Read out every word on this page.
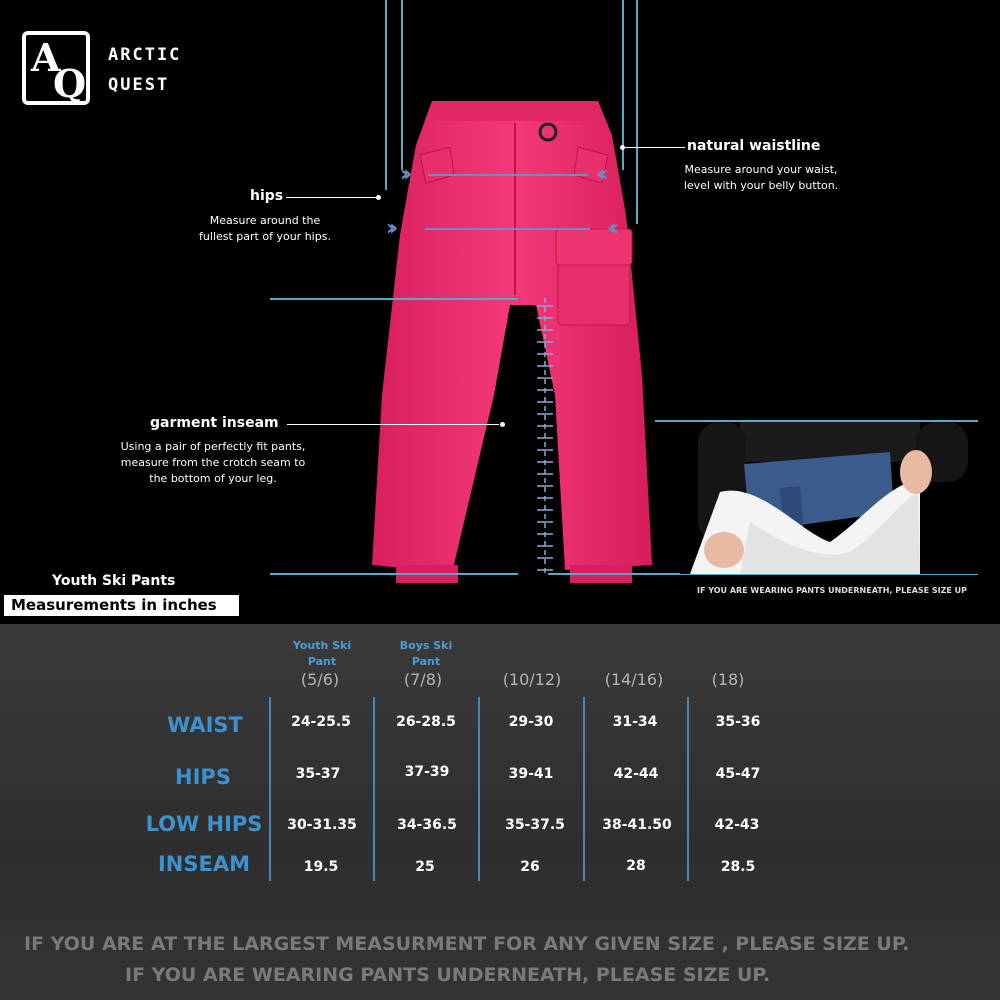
A
Q
ARCTIC
QUEST
››	‹‹
››	‹‹
hips
Measure around the
fullest part of your hips.
natural waistline
Measure around your waist,
level with your belly button.
garment inseam
Using a pair of perfectly fit pants,
measure from the crotch seam to
the bottom of your leg.
Youth Ski Pants
Measurements in inches
IF YOU ARE WEARING PANTS UNDERNEATH, PLEASE SIZE UP
Youth Ski
Pant
Boys Ski
Pant
(5/6)	(7/8)	(10/12)	(14/16)	(18)
WAIST	24-25.5	26-28.5	29-30	31-34	35-36
HIPS	35-37	37-39	39-41	42-44	45-47
LOW HIPS	30-31.35	34-36.5	35-37.5	38-41.50	42-43
INSEAM	19.5	25	26	28	28.5
IF YOU ARE AT THE LARGEST MEASURMENT FOR ANY GIVEN SIZE , PLEASE SIZE UP.
IF YOU ARE WEARING PANTS UNDERNEATH, PLEASE SIZE UP.
